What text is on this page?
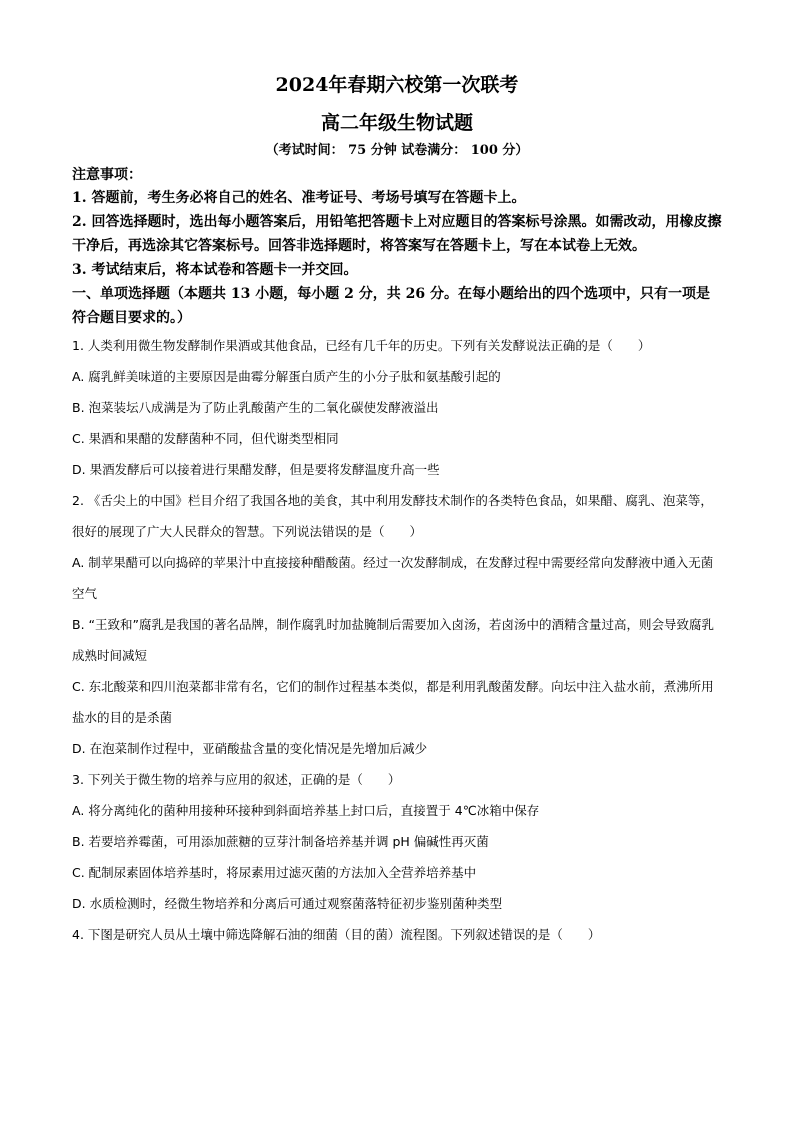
2024年春期六校第一次联考
高二年级生物试题
（考试时间： 75 分钟 试卷满分： 100 分）
注意事项：

1. 答题前，考生务必将自己的姓名、准考证号、考场号填写在答题卡上。

2. 回答选择题时，选出每小题答案后，用铅笔把答题卡上对应题目的答案标号涂黑。如需改动，用橡皮擦干净后，再选涂其它答案标号。回答非选择题时，将答案写在答题卡上，写在本试卷上无效。

3. 考试结束后，将本试卷和答题卡一并交回。

一、单项选择题（本题共 13 小题，每小题 2 分，共 26 分。在每小题给出的四个选项中，只有一项是符合题目要求的。）

1. 人类利用微生物发酵制作果酒或其他食品，已经有几千年的历史。下列有关发酵说法正确的是（　　）

A. 腐乳鲜美味道的主要原因是曲霉分解蛋白质产生的小分子肽和氨基酸引起的

B. 泡菜装坛八成满是为了防止乳酸菌产生的二氧化碳使发酵液溢出

C. 果酒和果醋的发酵菌种不同，但代谢类型相同

D. 果酒发酵后可以接着进行果醋发酵，但是要将发酵温度升高一些

2. 《舌尖上的中国》栏目介绍了我国各地的美食，其中利用发酵技术制作的各类特色食品，如果醋、腐乳、泡菜等，很好的展现了广大人民群众的智慧。下列说法错误的是（　　）

A. 制苹果醋可以向捣碎的苹果汁中直接接种醋酸菌。经过一次发酵制成，在发酵过程中需要经常向发酵液中通入无菌空气

B. “王致和”腐乳是我国的著名品牌，制作腐乳时加盐腌制后需要加入卤汤，若卤汤中的酒精含量过高，则会导致腐乳成熟时间减短

C. 东北酸菜和四川泡菜都非常有名，它们的制作过程基本类似，都是利用乳酸菌发酵。向坛中注入盐水前，煮沸所用盐水的目的是杀菌

D. 在泡菜制作过程中，亚硝酸盐含量的变化情况是先增加后减少

3. 下列关于微生物的培养与应用的叙述，正确的是（　　）

A. 将分离纯化的菌种用接种环接种到斜面培养基上封口后，直接置于 4℃冰箱中保存

B. 若要培养霉菌，可用添加蔗糖的豆芽汁制备培养基并调 pH 偏碱性再灭菌

C. 配制尿素固体培养基时，将尿素用过滤灭菌的方法加入全营养培养基中

D. 水质检测时，经微生物培养和分离后可通过观察菌落特征初步鉴别菌种类型

4. 下图是研究人员从土壤中筛选降解石油的细菌（目的菌）流程图。下列叙述错误的是（　　）
